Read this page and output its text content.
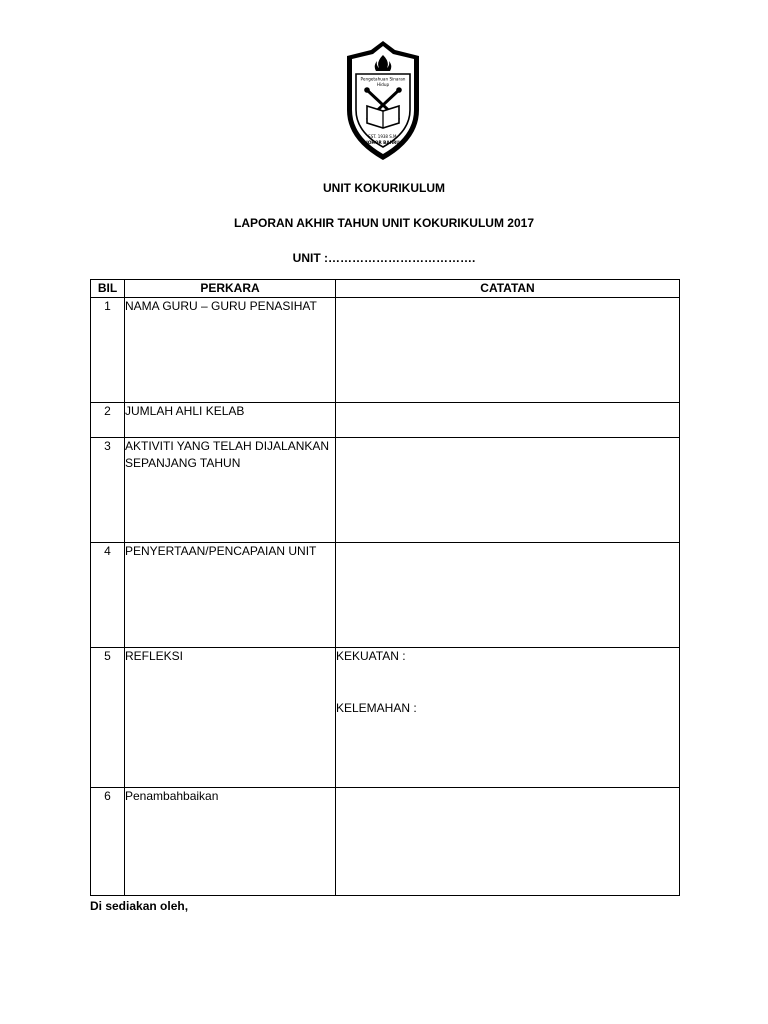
Pengetahuan Sinaran
Hidup
EST. 1938 S.M.
JOHOR BAHRU
UNIT KOKURIKULUM
LAPORAN AKHIR TAHUN UNIT KOKURIKULUM 2017
UNIT :……………………………….
BIL	PERKARA	CATATAN
1	NAMA GURU – GURU PENASIHAT	
2	JUMLAH AHLI KELAB	
3	AKTIVITI YANG TELAH DIJALANKAN SEPANJANG TAHUN	
4	PENYERTAAN/PENCAPAIAN UNIT	
5	REFLEKSI	KEKUATAN :
KELEMAHAN :

6	Penambahbaikan	
Di sediakan oleh,
